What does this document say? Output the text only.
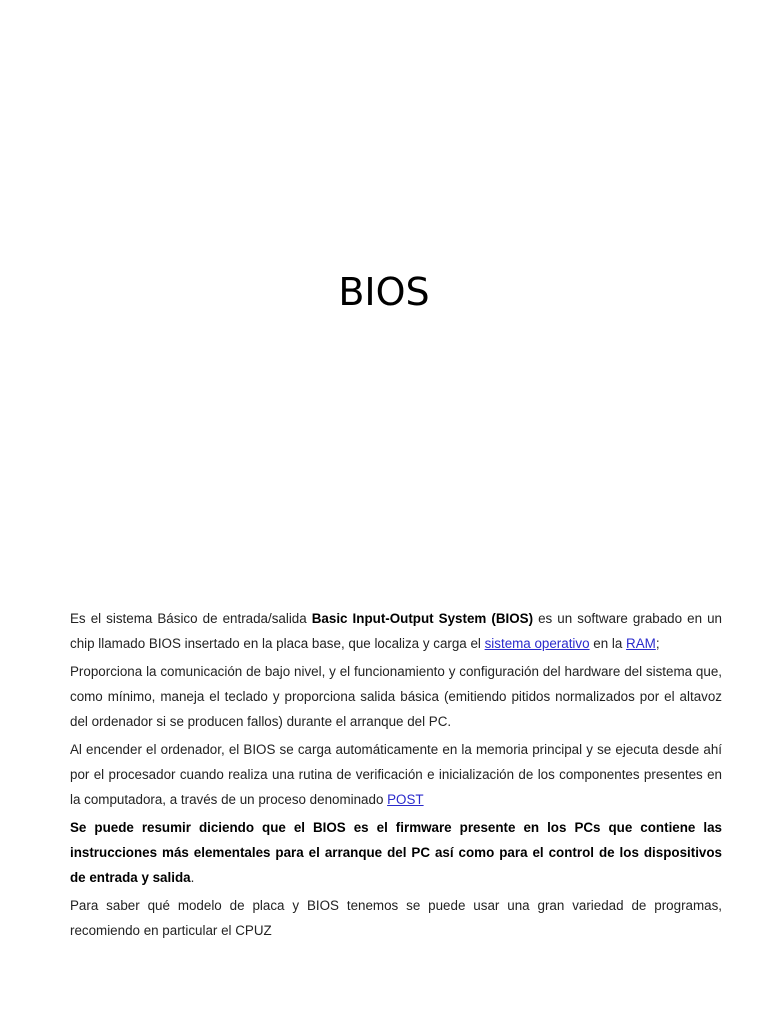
BIOS

Es el sistema Básico de entrada/salida Basic Input-Output System (BIOS) es un software grabado en un chip llamado BIOS insertado en la placa base, que localiza y carga el sistema operativo en la RAM;

Proporciona la comunicación de bajo nivel, y el funcionamiento y configuración del hardware del sistema que, como mínimo, maneja el teclado y proporciona salida básica (emitiendo pitidos normalizados por el altavoz del ordenador si se producen fallos) durante el arranque del PC.

Al encender el ordenador, el BIOS se carga automáticamente en la memoria principal y se ejecuta desde ahí por el procesador cuando realiza una rutina de verificación e inicialización de los componentes presentes en la computadora, a través de un proceso denominado POST

Se puede resumir diciendo que el BIOS es el firmware presente en los PCs que contiene las instrucciones más elementales para el arranque del PC así como para el control de los dispositivos de entrada y salida.

Para saber qué modelo de placa y BIOS tenemos se puede usar una gran variedad de programas, recomiendo en particular el CPUZ
